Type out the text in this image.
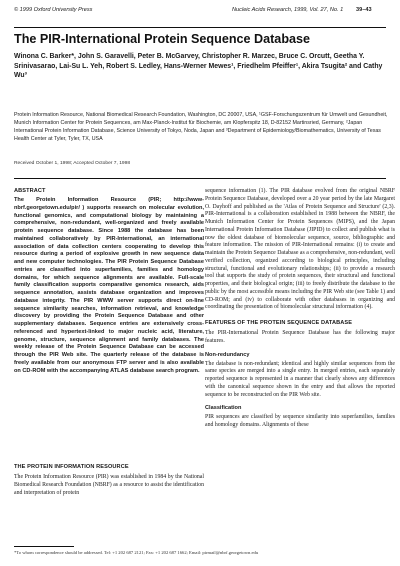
© 1999 Oxford University Press	Nucleic Acids Research, 1999, Vol. 27, No. 1 39–43
The PIR-International Protein Sequence Database
Winona C. Barker*, John S. Garavelli, Peter B. McGarvey, Christopher R. Marzec, Bruce C. Orcutt, Geetha Y. Srinivasarao, Lai-Su L. Yeh, Robert S. Ledley, Hans-Werner Mewes¹, Friedhelm Pfeiffer¹, Akira Tsugita² and Cathy Wu³
Protein Information Resource, National Biomedical Research Foundation, Washington, DC 20007, USA, ¹GSF-Forschungszentrum für Umwelt und Gesundheit, Munich Information Center for Protein Sequences, am Max-Planck-Institut für Biochemie, am Klopferspitz 18, D-82152 Martinsried, Germany, ²Japan International Protein Information Database, Science University of Tokyo, Noda, Japan and ³Department of Epidemiology/Biomathematics, University of Texas Health Center at Tyler, Tyler, TX, USA
Received October 1, 1998; Accepted October 7, 1998
ABSTRACT

The Protein Information Resource (PIR; http://www-nbrf.georgetown.edu/pir/ ) supports research on molecular evolution, functional genomics, and computational biology by maintaining a comprehensive, non-redundant, well-organized and freely available protein sequence database. Since 1988 the database has been maintained collaboratively by PIR-International, an international association of data collection centers cooperating to develop this resource during a period of explosive growth in new sequence data and new computer technologies. The PIR Protein Sequence Database entries are classified into superfamilies, families and homology domains, for which sequence alignments are available. Full-scale family classification supports comparative genomics research, aids sequence annotation, assists database organization and improves database integrity. The PIR WWW server supports direct on-line sequence similarity searches, information retrieval, and knowledge discovery by providing the Protein Sequence Database and other supplementary databases. Sequence entries are extensively cross-referenced and hypertext-linked to major nucleic acid, literature, genome, structure, sequence alignment and family databases. The weekly release of the Protein Sequence Database can be accessed through the PIR Web site. The quarterly release of the database is freely available from our anonymous FTP server and is also available on CD-ROM with the accompanying ATLAS database search program.

THE PROTEIN INFORMATION RESOURCE

The Protein Information Resource (PIR) was established in 1984 by the National Biomedical Research Foundation (NBRF) as a resource to assist the identification and interpretation of protein

sequence information (1). The PIR database evolved from the original NBRF Protein Sequence Database, developed over a 20 year period by the late Margaret O. Dayhoff and published as the 'Atlas of Protein Sequence and Structure' (2,3). PIR-International is a collaboration established in 1988 between the NBRF, the Munich Information Center for Protein Sequences (MIPS), and the Japan International Protein Information Database (JIPID) to collect and publish what is now the oldest database of biomolecular sequence, source, bibliographic and feature information. The mission of PIR-International remains: (i) to create and maintain the Protein Sequence Database as a comprehensive, non-redundant, well verified collection, organized according to biological principles, including structural, functional and evolutionary relationships; (ii) to provide a research tool that supports the study of protein sequences, their structural and functional properties, and their biological origin; (iii) to freely distribute the database to the public by the most accessible means including the PIR Web site (see Table 1) and CD-ROM; and (iv) to collaborate with other databases in organizing and coordinating the presentation of biomolecular structural information (4).

FEATURES OF THE PROTEIN SEQUENCE DATABASE

The PIR-International Protein Sequence Database has the following major features.

Non-redundancy

The database is non-redundant; identical and highly similar sequences from the same species are merged into a single entry. In merged entries, each separately reported sequence is represented in a manner that clearly shows any differences with the canonical sequence shown in the entry and that allows the reported sequence to be reconstructed on the PIR Web site.

Classification

PIR sequences are classified by sequence similarity into superfamilies, families and homology domains. Alignments of these

*To whom correspondence should be addressed. Tel: +1 202 687 2121; Fax: +1 202 687 1662; Email: pirmail@nbrf.georgetown.edu
